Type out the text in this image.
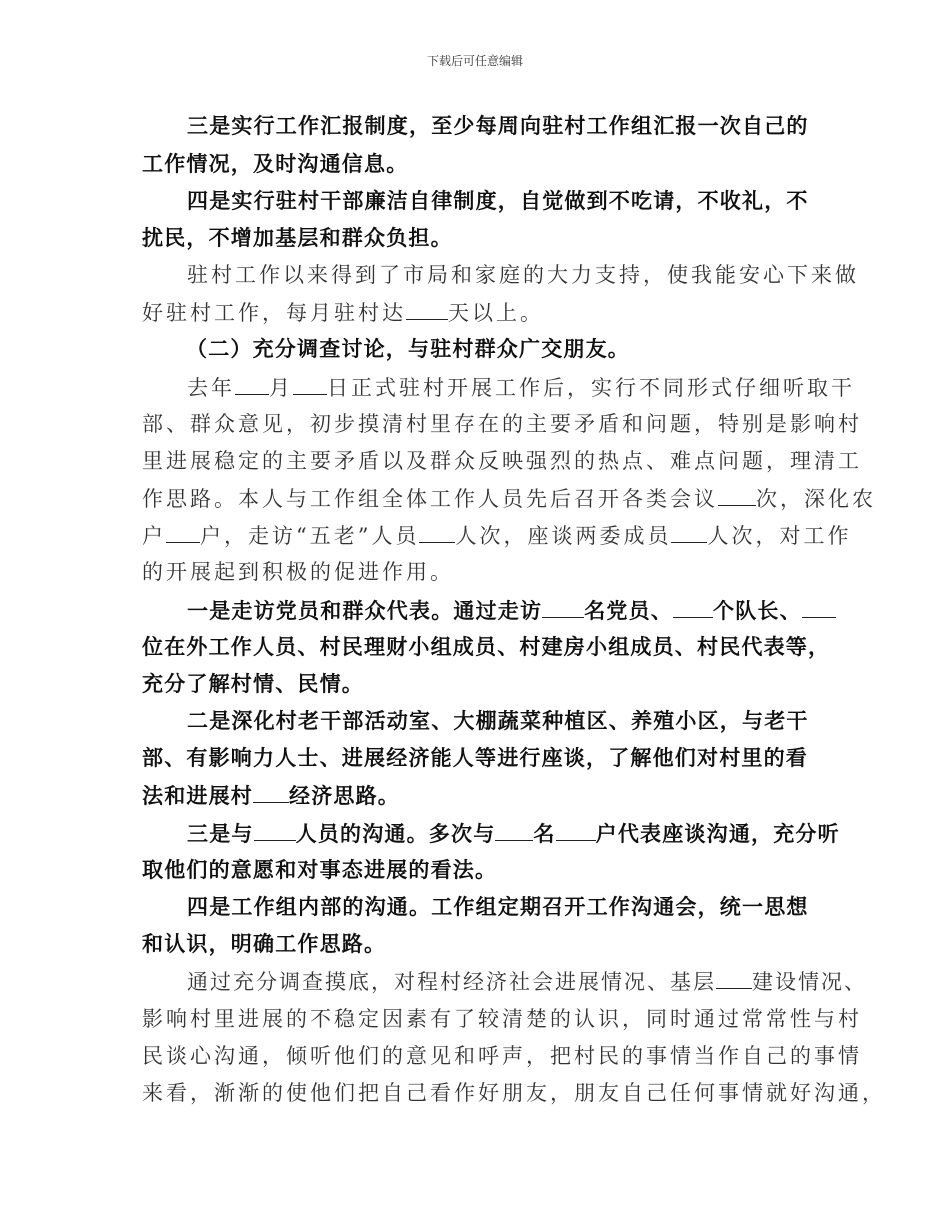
下载后可任意编辑
三是实行工作汇报制度，至少每周向驻村工作组汇报一次自己的
工作情况，及时沟通信息。
四是实行驻村干部廉洁自律制度，自觉做到不吃请，不收礼，不
扰民，不增加基层和群众负担。
驻村工作以来得到了市局和家庭的大力支持，使我能安心下来做
好驻村工作，每月驻村达 天以上。
（二）充分调查讨论，与驻村群众广交朋友。
去年 月 日正式驻村开展工作后，实行不同形式仔细听取干
部、群众意见，初步摸清村里存在的主要矛盾和问题，特别是影响村
里进展稳定的主要矛盾以及群众反映强烈的热点、难点问题，理清工
作思路。本人与工作组全体工作人员先后召开各类会议 次，深化农
户 户，走访“五老”人员 人次，座谈两委成员 人次，对工作
的开展起到积极的促进作用。
一是走访党员和群众代表。通过走访 名党员、 个队长、
位在外工作人员、村民理财小组成员、村建房小组成员、村民代表等，
充分了解村情、民情。
二是深化村老干部活动室、大棚蔬菜种植区、养殖小区，与老干
部、有影响力人士、进展经济能人等进行座谈，了解他们对村里的看
法和进展村 经济思路。
三是与 人员的沟通。多次与 名 户代表座谈沟通，充分听
取他们的意愿和对事态进展的看法。
四是工作组内部的沟通。工作组定期召开工作沟通会，统一思想
和认识，明确工作思路。
通过充分调查摸底，对程村经济社会进展情况、基层 建设情况、
影响村里进展的不稳定因素有了较清楚的认识，同时通过常常性与村
民谈心沟通，倾听他们的意见和呼声，把村民的事情当作自己的事情
来看，渐渐的使他们把自己看作好朋友，朋友自己任何事情就好沟通，
